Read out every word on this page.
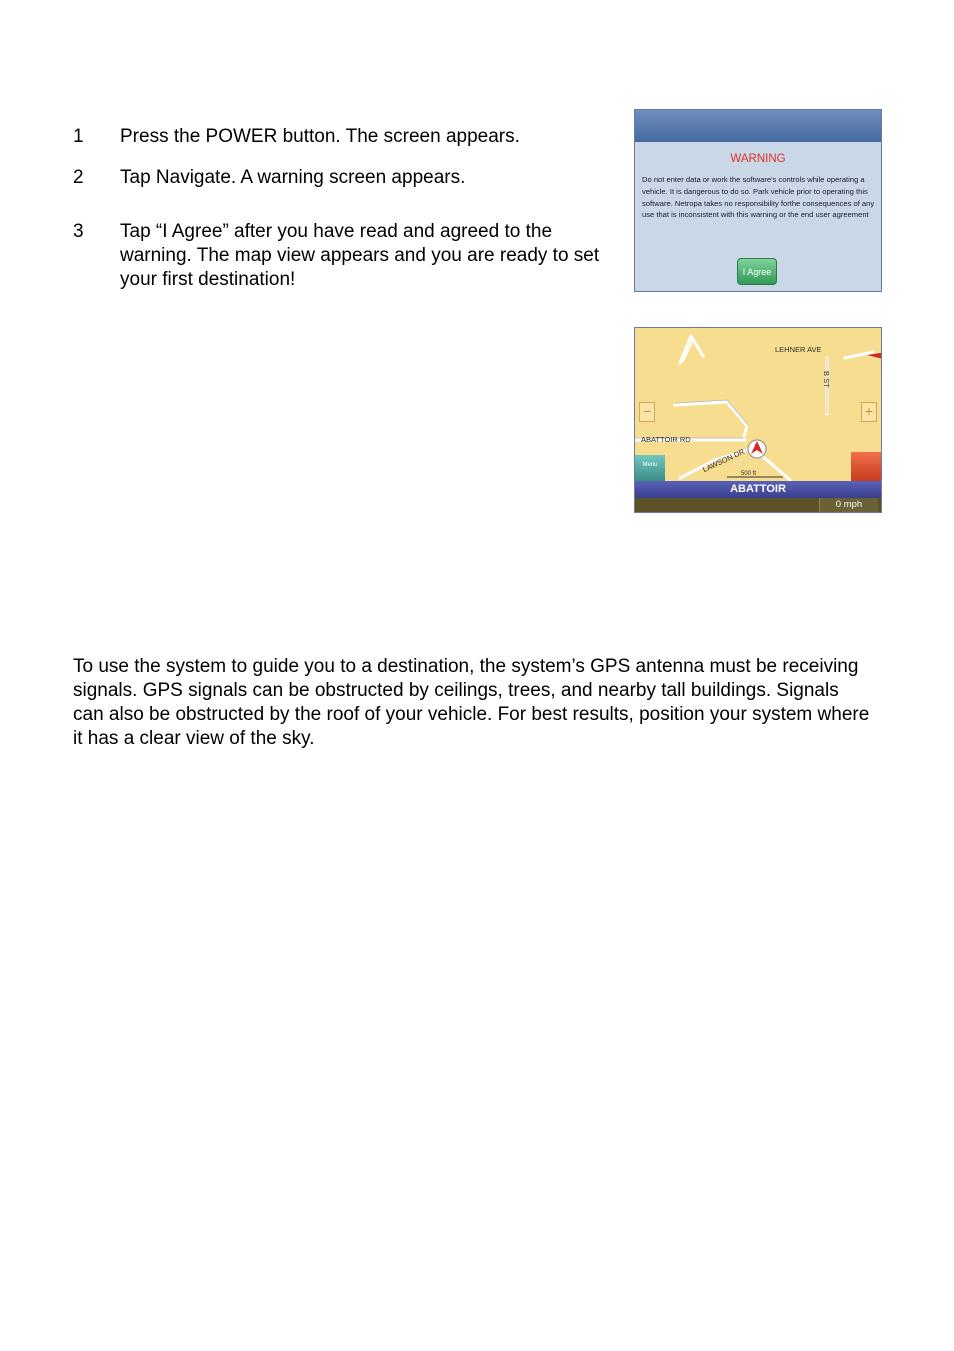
1 Press the POWER button. The screen appears.
2 Tap Navigate. A warning screen appears.
3 Tap “I Agree” after you have read and agreed to the warning. The map view appears and you are ready to set your first destination!
WARNING
Do not enter data or work the software's controls while operating a vehicle. It is dangerous to do so. Park vehicle prior to operating this software. Netropa takes no responsibility forthe consequences of any use that is inconsistent with this warning or the end user agreement
I Agree
LEHNER AVE
B ST
ABATTOIR RD
LAWSON DR
500 ft
−	+
Menu
ABATTOIR
0 mph
To use the system to guide you to a destination, the system’s GPS antenna must be receiving signals. GPS signals can be obstructed by ceilings, trees, and nearby tall buildings. Signals can also be obstructed by the roof of your vehicle. For best results, position your system where it has a clear view of the sky.
